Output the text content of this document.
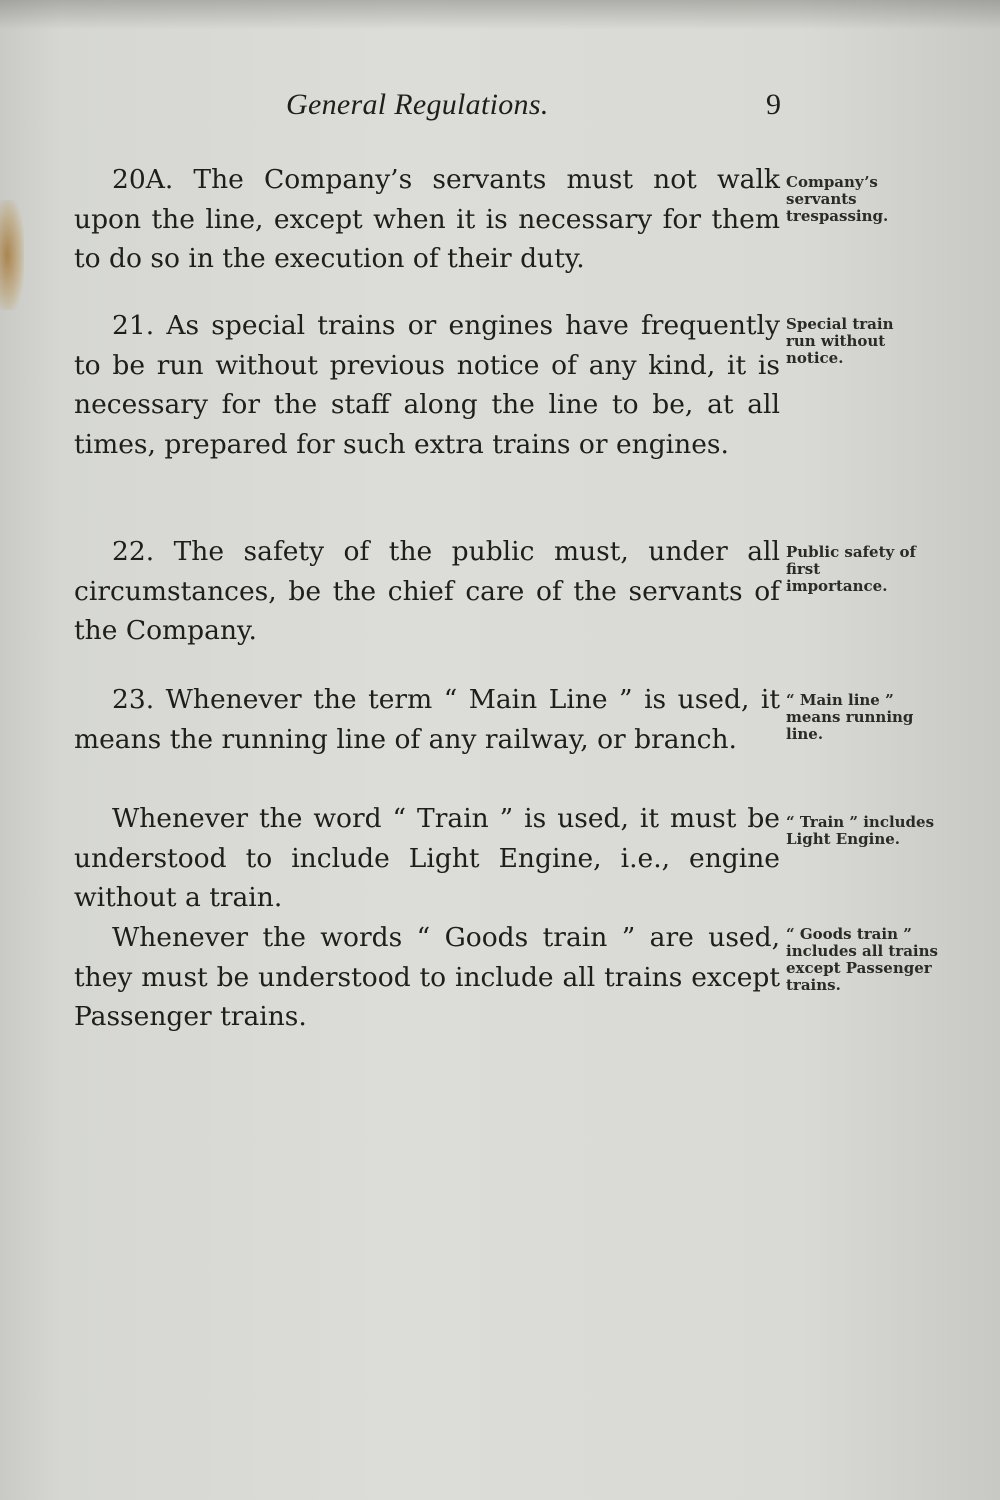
General Regulations.	9

20A. The Company’s servants must not walk upon the line, except when it is necessary for them to do so in the execution of their duty.

Company’s servants trespassing.

21. As special trains or engines have frequently to be run without previous notice of any kind, it is necessary for the staff along the line to be, at all times, prepared for such extra trains or engines.

Special train run without notice.

22. The safety of the public must, under all circumstances, be the chief care of the servants of the Company.

Public safety of first importance.

23. Whenever the term “ Main Line ” is used, it means the running line of any railway, or branch.

“ Main line ” means running line.

Whenever the word “ Train ” is used, it must be understood to include Light Engine, i.e., engine without a train.

“ Train ” includes Light Engine.

Whenever the words “ Goods train ” are used, they must be understood to include all trains except Passenger trains.

“ Goods train ” includes all trains except Passenger trains.
